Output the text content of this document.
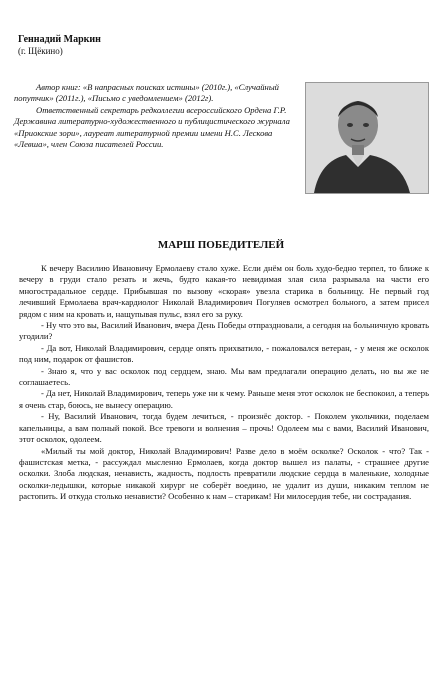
Геннадий Маркин
(г. Щёкино)

Автор книг: «В напрасных поисках истины» (2010г.), «Случайный попутчик» (2011г.), «Письмо с уведомлением» (2012г).

Ответственный секретарь редколлегии всероссийского Ордена Г.Р. Державина литературно-художественного и публицистического журнала «Приокские зори», лауреат литературной премии имени Н.С. Лескова «Левша», член Союза писателей России.

МАРШ ПОБЕДИТЕЛЕЙ

К вечеру Василию Ивановичу Ермолаеву стало хуже. Если днём он боль худо-бедно терпел, то ближе к вечеру в груди стало резать и жечь, будто какая-то невидимая злая сила разрывала на части его многострадальное сердце. Прибывшая по вызову «скорая» увезла старика в больницу. Не первый год лечивший Ермолаева врач-кардиолог Николай Владимирович Погуляев осмотрел больного, а затем присел рядом с ним на кровать и, нащупывая пульс, взял его за руку.

- Ну что это вы, Василий Иванович, вчера День Победы отпраздновали, а сегодня на больничную кровать угодили?

- Да вот, Николай Владимирович, сердце опять прихватило, - пожаловался ветеран, - у меня же осколок под ним, подарок от фашистов.

- Знаю я, что у вас осколок под сердцем, знаю. Мы вам предлагали операцию делать, но вы же не соглашаетесь.

- Да нет, Николай Владимирович, теперь уже ни к чему. Раньше меня этот осколок не беспокоил, а теперь я очень стар, боюсь, не вынесу операцию.

- Ну, Василий Иванович, тогда будем лечиться, - произнёс доктор. - Поколем укольчики, поделаем капельницы, а вам полный покой. Все тревоги и волнения – прочь! Одолеем мы с вами, Василий Иванович, этот осколок, одолеем.

«Милый ты мой доктор, Николай Владимирович! Разве дело в моём осколке? Осколок - что? Так - фашистская метка, - рассуждал мысленно Ермолаев, когда доктор вышел из палаты, - страшнее другие осколки. Злоба людская, ненависть, жадность, подлость превратили людские сердца в маленькие, холодные осколки-ледышки, которые никакой хирург не соберёт воедино, не удалит из души, никаким теплом не растопить. И откуда столько ненависти? Особенно к нам – старикам! Ни милосердия тебе, ни сострадания.
